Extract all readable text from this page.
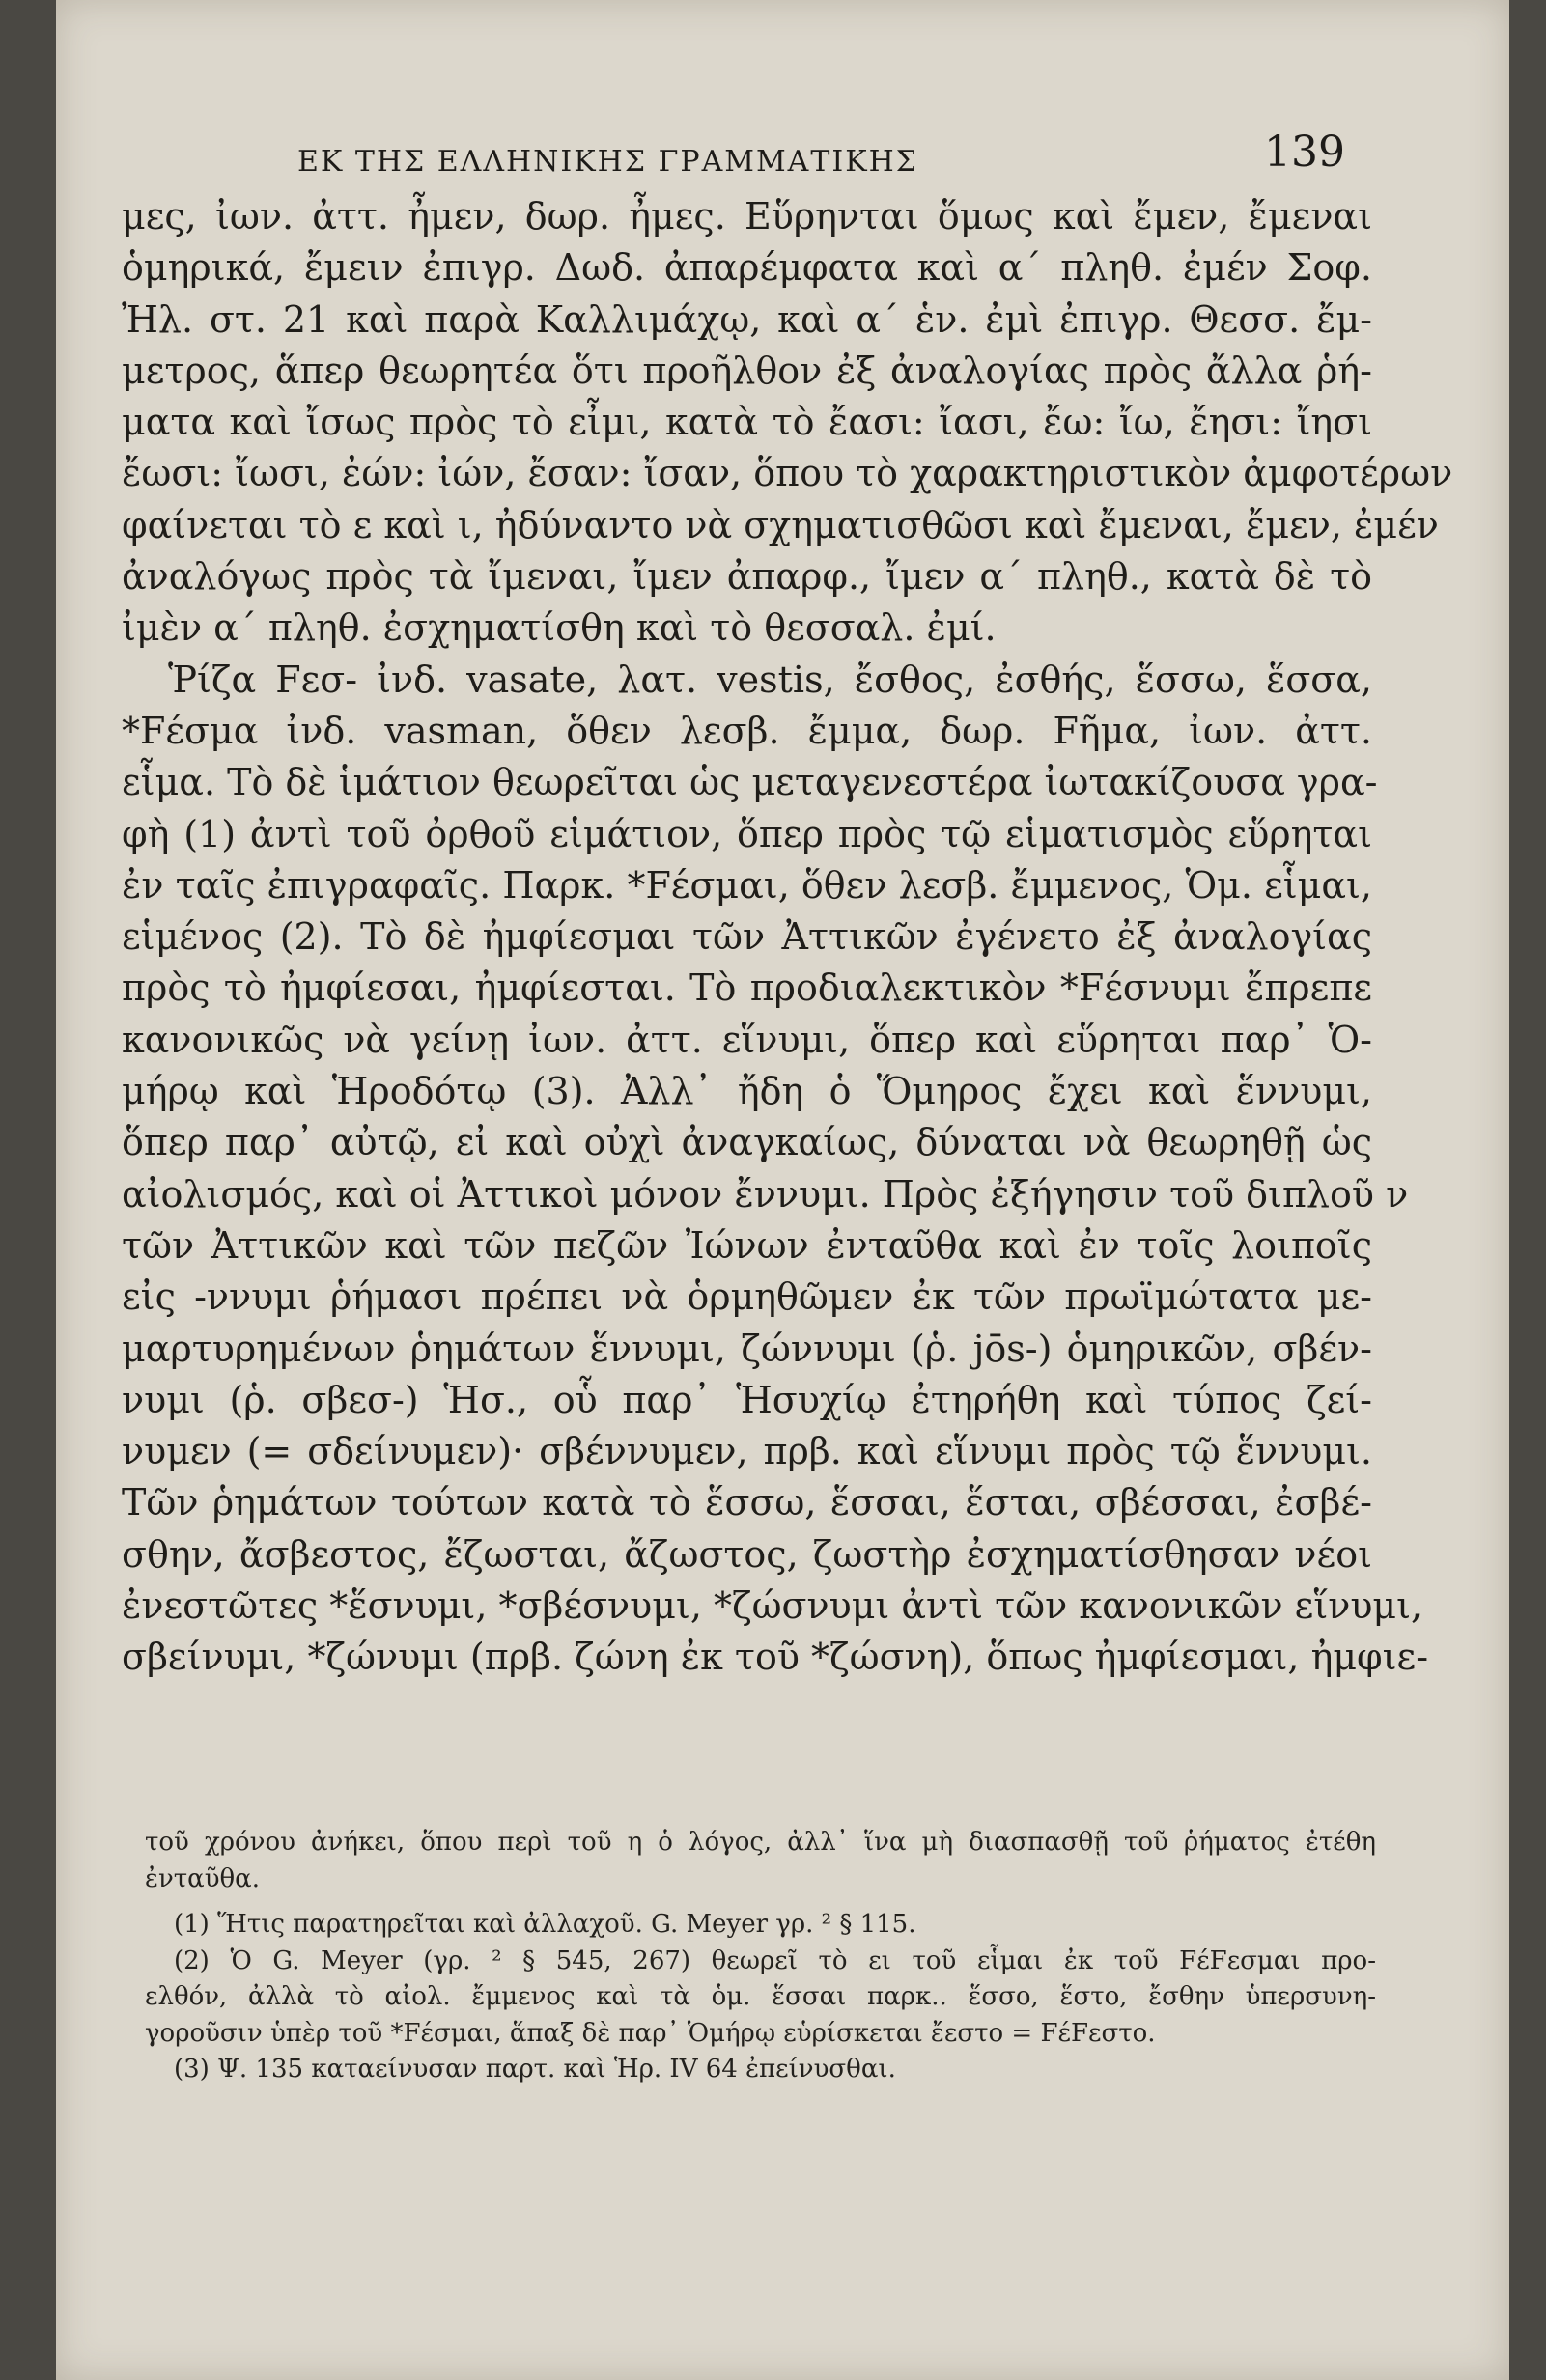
ΕΚ ΤΗΣ ΕΛΛΗΝΙΚΗΣ ΓΡΑΜΜΑΤΙΚΗΣ	139
μες, ἰων. ἀττ. ἦμεν, δωρ. ἦμες. Εὕρηνται ὅμως καὶ ἔμεν, ἔμεναι
ὁμηρικά, ἔμειν ἐπιγρ. Δωδ. ἀπαρέμφατα καὶ α΄ πληθ. ἐμέν Σοφ.
Ἠλ. στ. 21 καὶ παρὰ Καλλιμάχῳ, καὶ α΄ ἑν. ἐμὶ ἐπιγρ. Θεσσ. ἔμ-
μετρος, ἅπερ θεωρητέα ὅτι προῆλθον ἐξ ἀναλογίας πρὸς ἄλλα ῥή-
ματα καὶ ἴσως πρὸς τὸ εἶμι, κατὰ τὸ ἔασι: ἴασι, ἔω: ἴω, ἔησι: ἴησι
ἔωσι: ἴωσι, ἐών: ἰών, ἔσαν: ἴσαν, ὅπου τὸ χαρακτηριστικὸν ἀμφοτέρων
φαίνεται τὸ ε καὶ ι, ἠδύναντο νὰ σχηματισθῶσι καὶ ἔμεναι, ἔμεν, ἐμέν
ἀναλόγως πρὸς τὰ ἴμεναι, ἴμεν ἀπαρφ., ἴμεν α΄ πληθ., κατὰ δὲ τὸ
ἰμὲν α΄ πληθ. ἐσχηματίσθη καὶ τὸ θεσσαλ. ἐμί.
Ῥίζα Fεσ- ἰνδ. vasate, λατ. vestis, ἔσθος, ἐσθής, ἕσσω, ἕσσα,
*Fέσμα ἰνδ. vasman, ὅθεν λεσβ. ἔμμα, δωρ. Fῆμα, ἰων. ἀττ.
εἷμα. Τὸ δὲ ἱμάτιον θεωρεῖται ὡς μεταγενεστέρα ἰωτακίζουσα γρα-
φὴ (1) ἀντὶ τοῦ ὀρθοῦ εἱμάτιον, ὅπερ πρὸς τῷ εἱματισμὸς εὕρηται
ἐν ταῖς ἐπιγραφαῖς. Παρκ. *Fέσμαι, ὅθεν λεσβ. ἔμμενος, Ὁμ. εἷμαι,
εἱμένος (2). Τὸ δὲ ἠμφίεσμαι τῶν Ἀττικῶν ἐγένετο ἐξ ἀναλογίας
πρὸς τὸ ἠμφίεσαι, ἠμφίεσται. Τὸ προδιαλεκτικὸν *Fέσνυμι ἔπρεπε
κανονικῶς νὰ γείνῃ ἰων. ἀττ. εἵνυμι, ὅπερ καὶ εὕρηται παρ᾽ Ὁ-
μήρῳ καὶ Ἡροδότῳ (3). Ἀλλ᾽ ἤδη ὁ Ὅμηρος ἔχει καὶ ἕννυμι,
ὅπερ παρ᾽ αὐτῷ, εἰ καὶ οὐχὶ ἀναγκαίως, δύναται νὰ θεωρηθῇ ὡς
αἰολισμός, καὶ οἱ Ἀττικοὶ μόνον ἔννυμι. Πρὸς ἐξήγησιν τοῦ διπλοῦ ν
τῶν Ἀττικῶν καὶ τῶν πεζῶν Ἰώνων ἐνταῦθα καὶ ἐν τοῖς λοιποῖς
εἰς -ννυμι ῥήμασι πρέπει νὰ ὁρμηθῶμεν ἐκ τῶν πρωϊμώτατα με-
μαρτυρημένων ῥημάτων ἕννυμι, ζώννυμι (ῥ. jōs-) ὁμηρικῶν, σβέν-
νυμι (ῥ. σβεσ-) Ἡσ., οὗ παρ᾽ Ἡσυχίῳ ἐτηρήθη καὶ τύπος ζεί-
νυμεν (= σδείνυμεν)· σβέννυμεν, πρβ. καὶ εἵνυμι πρὸς τῷ ἕννυμι.
Τῶν ῥημάτων τούτων κατὰ τὸ ἕσσω, ἕσσαι, ἕσται, σβέσσαι, ἐσβέ-
σθην, ἄσβεστος, ἔζωσται, ἄζωστος, ζωστὴρ ἐσχηματίσθησαν νέοι
ἐνεστῶτες *ἕσνυμι, *σβέσνυμι, *ζώσνυμι ἀντὶ τῶν κανονικῶν εἵνυμι,
σβείνυμι, *ζώνυμι (πρβ. ζώνη ἐκ τοῦ *ζώσνη), ὅπως ἠμφίεσμαι, ἠμφιε-
τοῦ χρόνου ἀνήκει, ὅπου περὶ τοῦ η ὁ λόγος, ἀλλ᾽ ἵνα μὴ διασπασθῇ τοῦ ῥήματος ἐτέθη
ἐνταῦθα.
(1) Ἥτις παρατηρεῖται καὶ ἀλλαχοῦ. G. Meyer γρ. ² § 115.
(2) Ὁ G. Meyer (γρ. ² § 545, 267) θεωρεῖ τὸ ει τοῦ εἷμαι ἐκ τοῦ FέFεσμαι προ-
ελθόν, ἀλλὰ τὸ αἰολ. ἔμμενος καὶ τὰ ὁμ. ἕσσαι παρκ.. ἕσσο, ἕστο, ἔσθην ὑπερσυνη-
γοροῦσιν ὑπὲρ τοῦ *Fέσμαι, ἅπαξ δὲ παρ᾽ Ὁμήρῳ εὑρίσκεται ἔεστο = FέFεστο.
(3) Ψ. 135 καταείνυσαν παρτ. καὶ Ἡρ. IV 64 ἐπείνυσθαι.
